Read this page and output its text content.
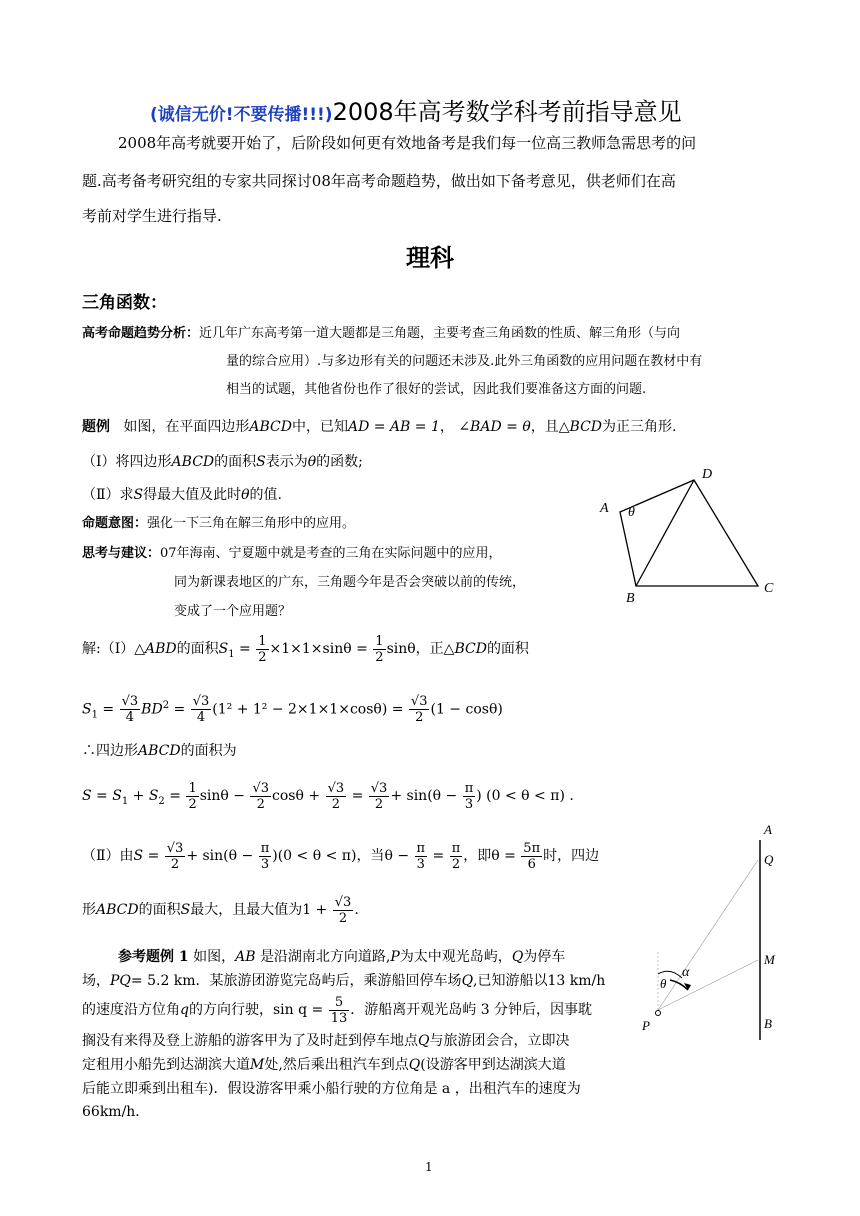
(诚信无价!不要传播!!!)2008年高考数学科考前指导意见
2008年高考就要开始了，后阶段如何更有效地备考是我们每一位高三教师急需思考的问
题.高考备考研究组的专家共同探讨08年高考命题趋势，做出如下备考意见，供老师们在高
考前对学生进行指导.
理科
三角函数：
高考命题趋势分析：近几年广东高考第一道大题都是三角题，主要考查三角函数的性质、解三角形（与向
量的综合应用）.与多边形有关的问题还未涉及.此外三角函数的应用问题在教材中有
相当的试题，其他省份也作了很好的尝试，因此我们要准备这方面的问题.
题例 如图，在平面四边形ABCD中，已知AD = AB = 1， ∠BAD = θ，且△BCD为正三角形.
（Ⅰ）将四边形ABCD的面积S表示为θ的函数;
（Ⅱ）求S得最大值及此时θ的值.
命题意图：强化一下三角在解三角形中的应用。
思考与建议：07年海南、宁夏题中就是考查的三角在实际问题中的应用，
同为新课表地区的广东，三角题今年是否会突破以前的传统，
变成了一个应用题？
D
A θ
B
C
解:（Ⅰ）△ABD的面积$S_1 = \frac{1}{2} \times 1\times 1\times\sin\theta = \frac{1}{2}$ sinθ，正△BCD的面积
$S_1 = \frac{√3}{4} BD^2 = \frac{√3}{4} (1^2 + 1^2 - 2\times 1\times 1\times\cos\theta) = \frac{√3}{2} (1 - \cos\theta)$
∴四边形ABCD的面积为
$S = S_1 + S_2 = \frac{1}{2}$ $\sin\theta - \frac{√3}{2}$ $\cos\theta + \frac{√3}{2} = \frac{√3}{2} + \sin(\theta - \frac{\pi}{3}$ ) (0 < θ < π) .
（Ⅱ）由$S = \frac{√3}{2} + \sin(\theta - \frac{\pi}{3} )(0 < \theta < \pi)$，当$\theta - \frac{\pi}{3} = \frac{\pi}{2}$ ，即$\theta = \frac{5\pi}{6}$ 时，四边
形ABCD的面积S最大，且最大值为$1 + \frac{√3}{2}$ .
参考题例 1 如图，AB 是沿湖南北方向道路,P为太中观光岛屿，Q为停车
场，PQ= 5.2 km．某旅游团游览完岛屿后，乘游船回停车场Q,已知游船以13 km/h
的速度沿方位角q的方向行驶，$\sin q = \frac{5}{13}$ ．游船离开观光岛屿 3 分钟后，因事耽
搁没有来得及登上游船的游客甲为了及时赶到停车地点Q与旅游团会合，立即决
定租用小船先到达湖滨大道M处,然后乘出租汽车到点Q(设游客甲到达湖滨大道
后能立即乘到出租车)．假设游客甲乘小船行驶的方位角是 a ，出租汽车的速度为
66km/h．
A
Q
M
B
P
α
θ
1
